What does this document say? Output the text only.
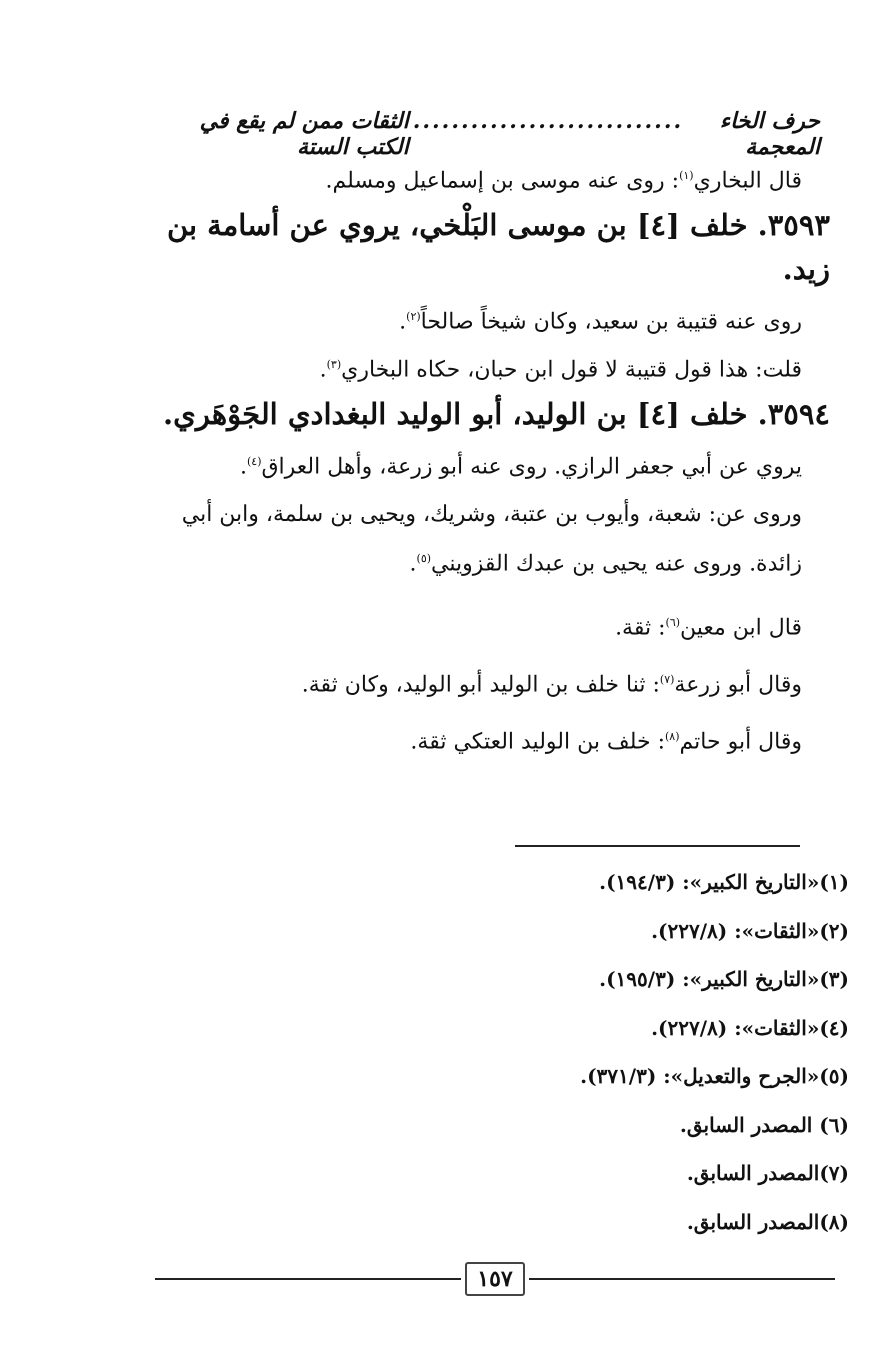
حرف الخاء المعجمة
............................
الثقات ممن لم يقع في الكتب الستة

قال البخاري$^{(١)}$: روى عنه موسى بن إسماعيل ومسلم.

٣٥٩٣. خلف [٤] بن موسى البَلْخي، يروي عن أسامة بن زيد.

روى عنه قتيبة بن سعيد، وكان شيخاً صالحاً$^{(٢)}$.

قلت: هذا قول قتيبة لا قول ابن حبان، حكاه البخاري$^{(٣)}$.

٣٥٩٤. خلف [٤] بن الوليد، أبو الوليد البغدادي الجَوْهَري.

يروي عن أبي جعفر الرازي. روى عنه أبو زرعة، وأهل العراق$^{(٤)}$.

وروى عن: شعبة، وأيوب بن عتبة، وشريك، ويحيى بن سلمة، وابن أبي زائدة. وروى عنه يحيى بن عبدك القزويني$^{(٥)}$.

قال ابن معين$^{(٦)}$: ثقة.

وقال أبو زرعة$^{(٧)}$: ثنا خلف بن الوليد أبو الوليد، وكان ثقة.

وقال أبو حاتم$^{(٨)}$: خلف بن الوليد العتكي ثقة.

(١)«التاريخ الكبير»: (١٩٤/٣).
(٢)«الثقات»: (٢٢٧/٨).
(٣)«التاريخ الكبير»: (١٩٥/٣).
(٤)«الثقات»: (٢٢٧/٨).
(٥)«الجرح والتعديل»: (٣٧١/٣).
(٦) المصدر السابق.
(٧)المصدر السابق.
(٨)المصدر السابق.
١٥٧
